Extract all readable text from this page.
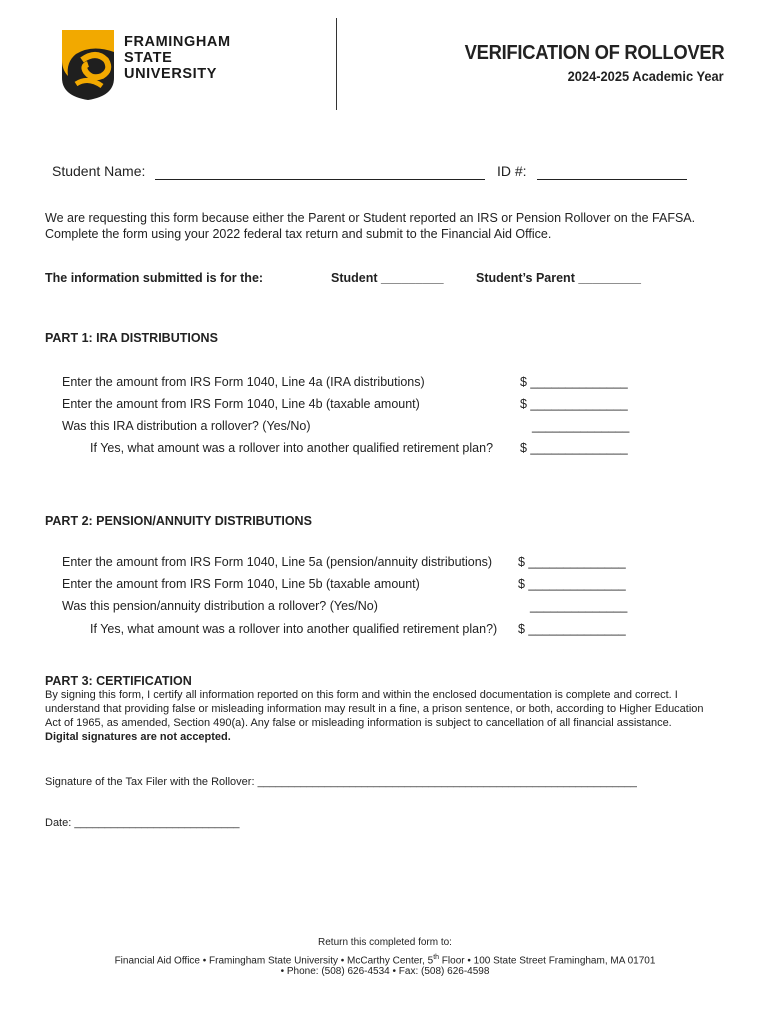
FRAMINGHAM
STATE
UNIVERSITY
VERIFICATION OF ROLLOVER
2024-2025 Academic Year
Student Name:	ID #:
We are requesting this form because either the Parent or Student reported an IRS or Pension Rollover on the FAFSA.
Complete the form using your 2022 federal tax return and submit to the Financial Aid Office.
The information submitted is for the:	Student _________	Student’s Parent _________
PART 1: IRA DISTRIBUTIONS
Enter the amount from IRS Form 1040, Line 4a (IRA distributions)	$ ______________
Enter the amount from IRS Form 1040, Line 4b (taxable amount)	$ ______________
Was this IRA distribution a rollover? (Yes/No)	______________
If Yes, what amount was a rollover into another qualified retirement plan? $ ______________
PART 2: PENSION/ANNUITY DISTRIBUTIONS
Enter the amount from IRS Form 1040, Line 5a (pension/annuity distributions) $ ______________
Enter the amount from IRS Form 1040, Line 5b (taxable amount)	$ ______________
Was this pension/annuity distribution a rollover? (Yes/No)	______________
If Yes, what amount was a rollover into another qualified retirement plan?) $ ______________
PART 3: CERTIFICATION
By signing this form, I certify all information reported on this form and within the enclosed documentation is complete and correct. I
understand that providing false or misleading information may result in a fine, a prison sentence, or both, according to Higher Education
Act of 1965, as amended, Section 490(a). Any false or misleading information is subject to cancellation of all financial assistance.
Digital signatures are not accepted.
Signature of the Tax Filer with the Rollover: ______________________________________________________________
Date: ___________________________
Return this completed form to:
Financial Aid Office • Framingham State University • McCarthy Center, 5th Floor • 100 State Street Framingham, MA 01701
• Phone: (508) 626-4534 • Fax: (508) 626-4598
